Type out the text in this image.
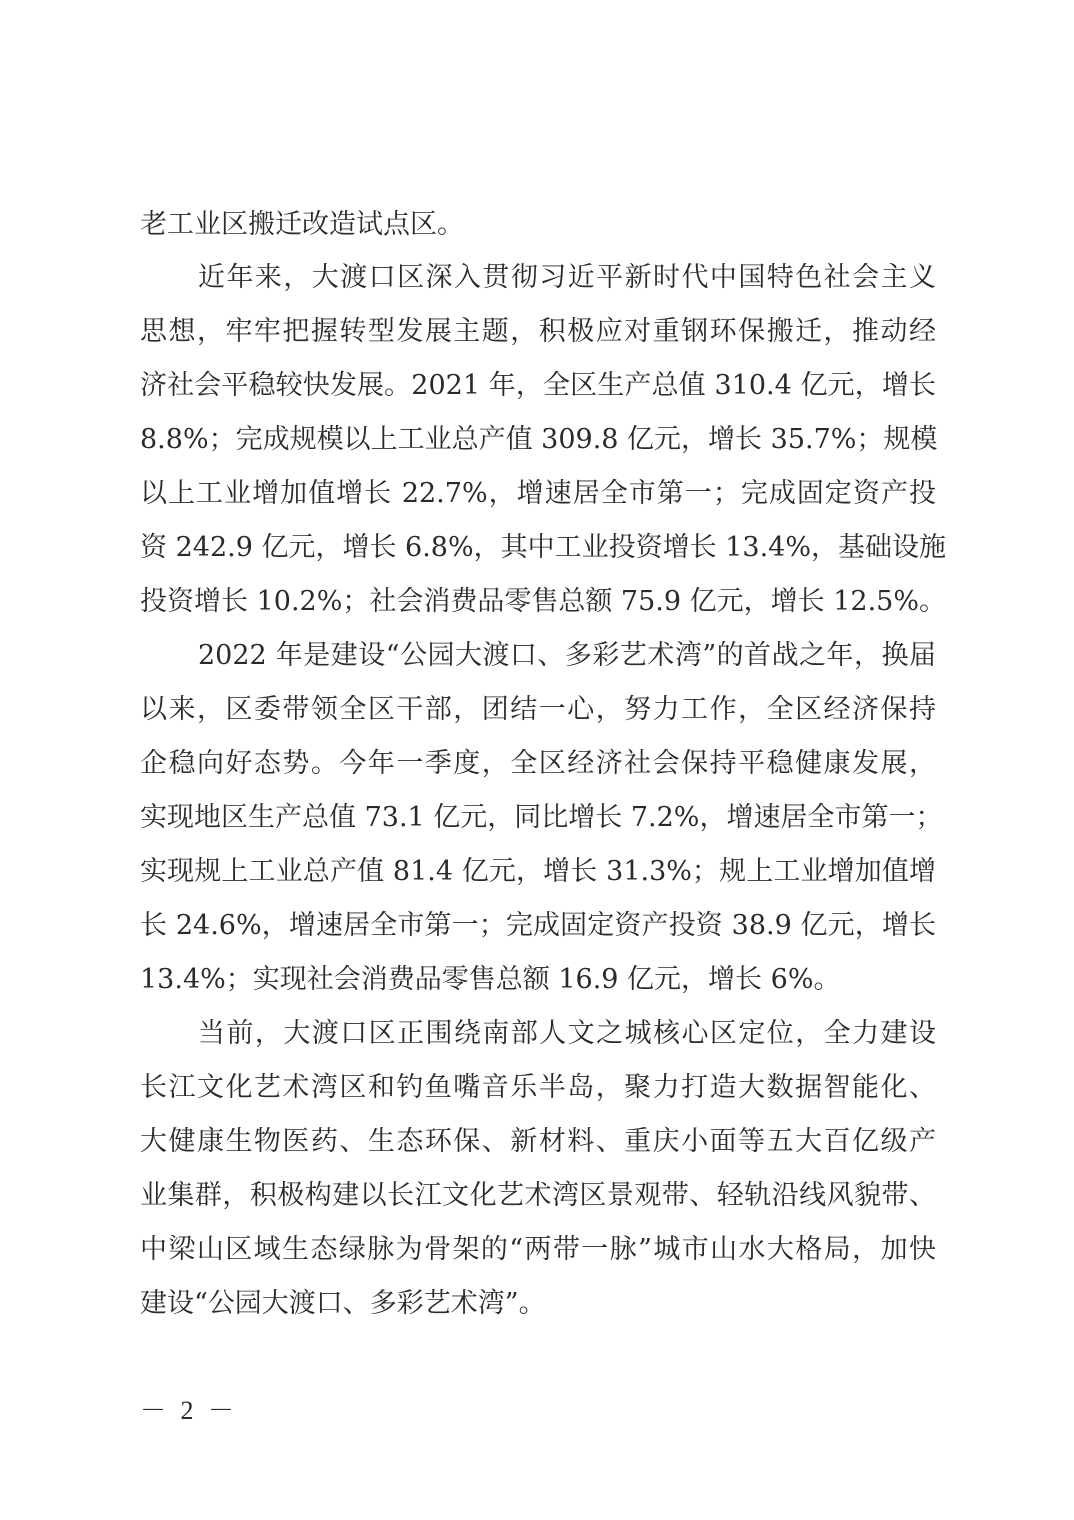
老工业区搬迁改造试点区。
近年来，大渡口区深入贯彻习近平新时代中国特色社会主义
思想，牢牢把握转型发展主题，积极应对重钢环保搬迁，推动经
济社会平稳较快发展。2021 年，全区生产总值 310.4 亿元，增长
8.8%；完成规模以上工业总产值 309.8 亿元，增长 35.7%；规模
以上工业增加值增长 22.7%，增速居全市第一；完成固定资产投
资 242.9 亿元，增长 6.8%，其中工业投资增长 13.4%，基础设施
投资增长 10.2%；社会消费品零售总额 75.9 亿元，增长 12.5%。
2022 年是建设“公园大渡口、多彩艺术湾”的首战之年，换届
以来，区委带领全区干部，团结一心，努力工作，全区经济保持
企稳向好态势。今年一季度，全区经济社会保持平稳健康发展，
实现地区生产总值 73.1 亿元，同比增长 7.2%，增速居全市第一；
实现规上工业总产值 81.4 亿元，增长 31.3%；规上工业增加值增
长 24.6%，增速居全市第一；完成固定资产投资 38.9 亿元，增长
13.4%；实现社会消费品零售总额 16.9 亿元，增长 6%。
当前，大渡口区正围绕南部人文之城核心区定位，全力建设
长江文化艺术湾区和钓鱼嘴音乐半岛，聚力打造大数据智能化、
大健康生物医药、生态环保、新材料、重庆小面等五大百亿级产
业集群，积极构建以长江文化艺术湾区景观带、轻轨沿线风貌带、
中梁山区域生态绿脉为骨架的“两带一脉”城市山水大格局，加快
建设“公园大渡口、多彩艺术湾”。
－ 2 －
